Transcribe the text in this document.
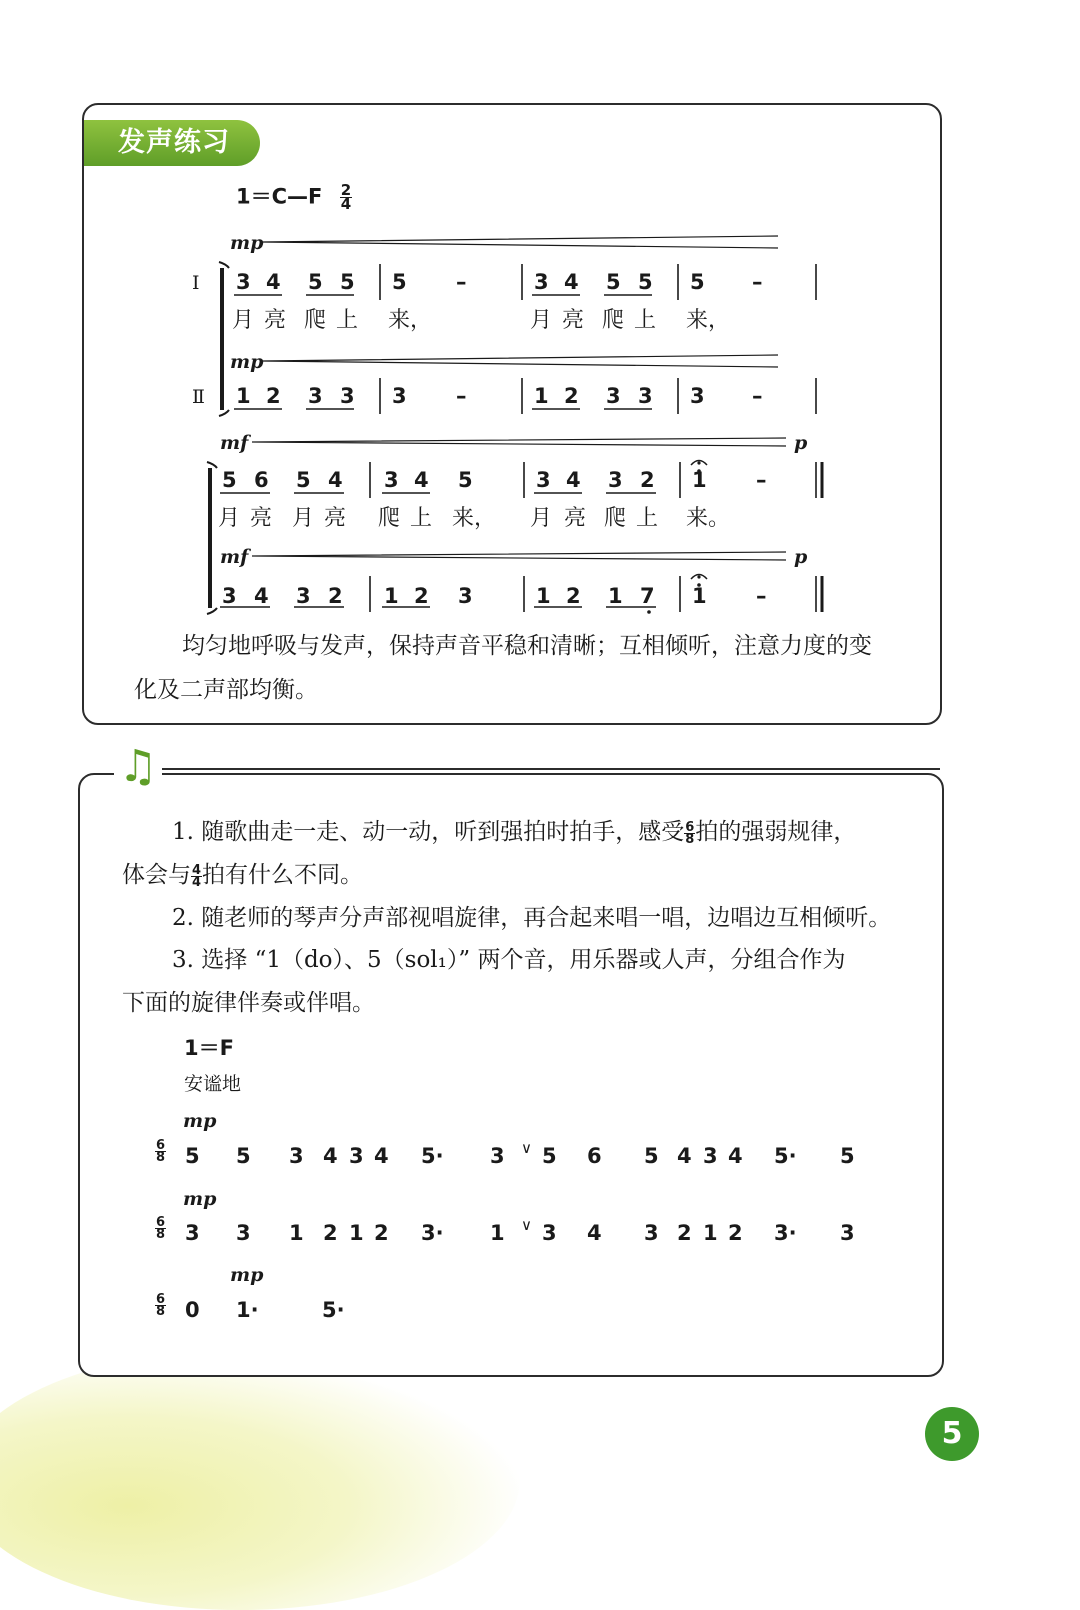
发声练习
1＝C—F $\frac{2}{4}$
Ⅰ
Ⅱ
mp
mp
mf	p
mf	p
3 4 5 5 5 –	3 4 5 5 5 –
月 亮 爬 上 来，	月 亮 爬 上 来，
1 2 3 3 3 –	1 2 3 3 3 –
5 6 5 4 3 4 5	3 4 3 2 1 –
月 亮 月 亮 爬 上 来， 月 亮 爬 上 来。
3 4 3 2 1 2 3	1 2 1 7 1 –
均匀地呼吸与发声，保持声音平稳和清晰；互相倾听，注意力度的变
化及二声部均衡。
♫
1. 随歌曲走一走、动一动，听到强拍时拍手，感受 $\frac{6}{8}$拍的强弱规律，
体会与 $\frac{4}{4}$拍有什么不同。
2. 随老师的琴声分声部视唱旋律，再合起来唱一唱，边唱边互相倾听。
3. 选择 “1（do）、5（sol₁）” 两个音，用乐器或人声，分组合作为
下面的旋律伴奏或伴唱。
1＝F
安谧地
mp
mp
mp
$\frac{6}{8}$
$\frac{6}{8}$
$\frac{6}{8}$
5 5 3 4 3 4 5· 3 ∨ 5 6 5 4 3 4 5· 5
3 3 1 2 1 2 3· 1 ∨ 3 4 3 2 1 2 3· 3
0 1·	5·
5
